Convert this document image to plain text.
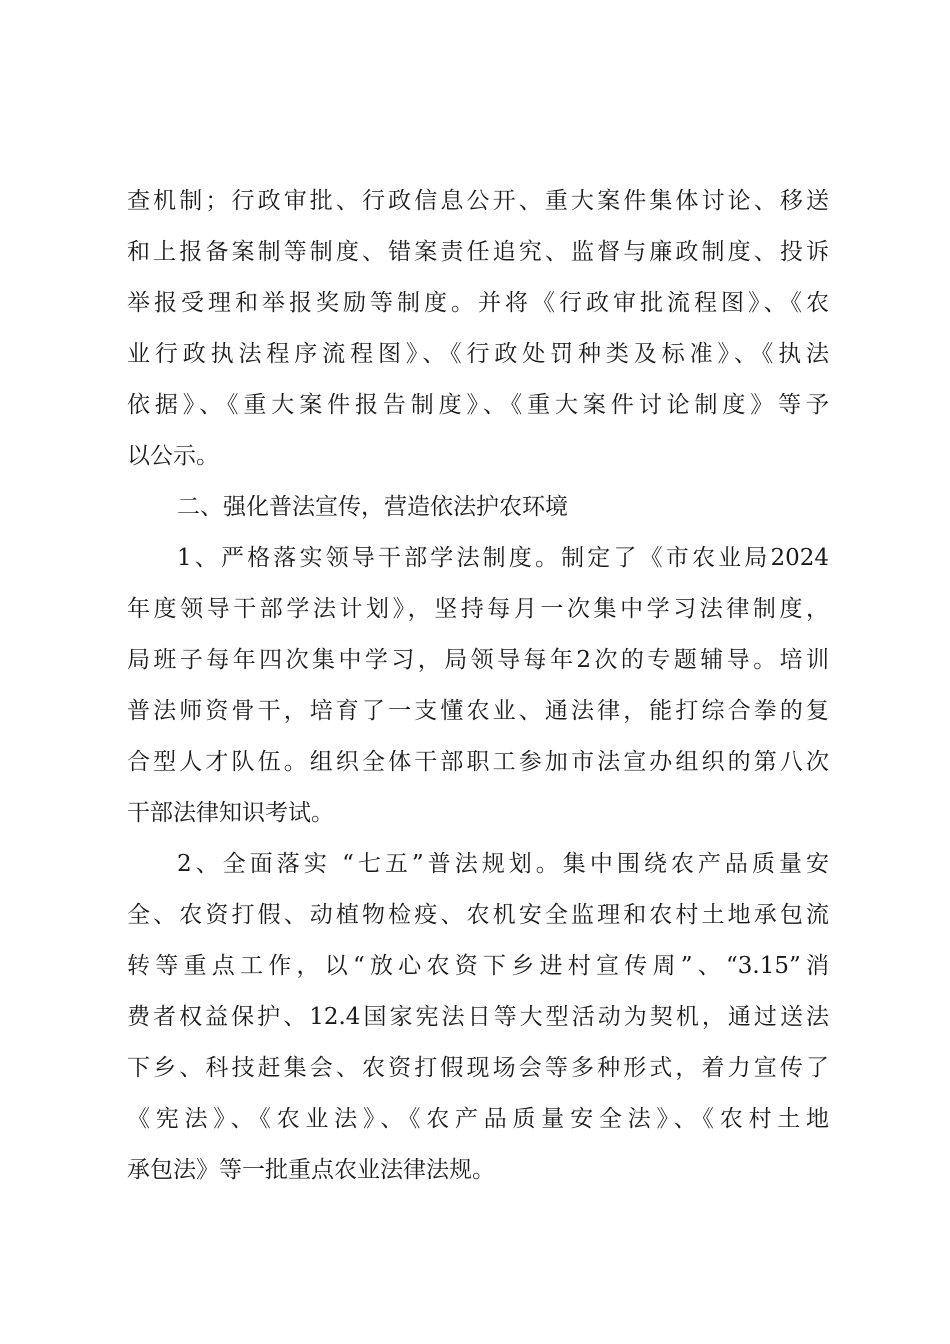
查机制；行政审批、行政信息公开、重大案件集体讨论、移送
和上报备案制等制度、错案责任追究、监督与廉政制度、投诉
举报受理和举报奖励等制度。并将《行政审批流程图》、《农
业行政执法程序流程图》、《行政处罚种类及标准》、《执法
依据》、《重大案件报告制度》、《重大案件讨论制度》等予
以公示。
二、强化普法宣传，营造依法护农环境
1、严格落实领导干部学法制度。制定了《市农业局2024
年度领导干部学法计划》，坚持每月一次集中学习法律制度，
局班子每年四次集中学习，局领导每年2次的专题辅导。培训
普法师资骨干，培育了一支懂农业、通法律，能打综合拳的复
合型人才队伍。组织全体干部职工参加市法宣办组织的第八次
干部法律知识考试。
2、全面落实 “七五”普法规划。集中围绕农产品质量安
全、农资打假、动植物检疫、农机安全监理和农村土地承包流
转等重点工作，以“放心农资下乡进村宣传周”、“3.15”消
费者权益保护、12.4国家宪法日等大型活动为契机，通过送法
下乡、科技赶集会、农资打假现场会等多种形式，着力宣传了
《宪法》、《农业法》、《农产品质量安全法》、《农村土地
承包法》等一批重点农业法律法规。
